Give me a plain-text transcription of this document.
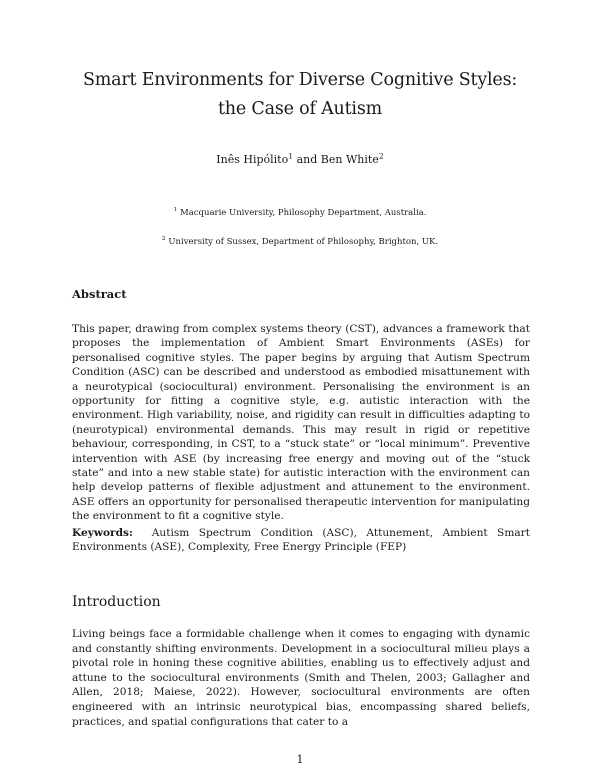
Smart Environments for Diverse Cognitive Styles:
the Case of Autism
Inês Hipólito$^1$ and Ben White$^2$
$^1$ Macquarie University, Philosophy Department, Australia.
$^2$ University of Sussex, Department of Philosophy, Brighton, UK.
Abstract

This paper, drawing from complex systems theory (CST), advances a framework that proposes the implementation of Ambient Smart Environments (ASEs) for personalised cognitive styles. The paper begins by arguing that Autism Spectrum Condition (ASC) can be described and understood as embodied misattunement with a neurotypical (sociocultural) environment. Personalising the environment is an opportunity for fitting a cognitive style, e.g. autistic interaction with the environment. High variability, noise, and rigidity can result in difficulties adapting to (neurotypical) environmental demands. This may result in rigid or repetitive behaviour, corresponding, in CST, to a “stuck state” or “local minimum”. Preventive intervention with ASE (by increasing free energy and moving out of the “stuck state” and into a new stable state) for autistic interaction with the environment can help develop patterns of flexible adjustment and attunement to the environment. ASE offers an opportunity for personalised therapeutic intervention for manipulating the environment to fit a cognitive style.

Keywords: Autism Spectrum Condition (ASC), Attunement, Ambient Smart Environments (ASE), Complexity, Free Energy Principle (FEP)

Introduction

Living beings face a formidable challenge when it comes to engaging with dynamic and constantly shifting environments. Development in a sociocultural milieu plays a pivotal role in honing these cognitive abilities, enabling us to effectively adjust and attune to the sociocultural environments (Smith and Thelen, 2003; Gallagher and Allen, 2018; Maiese, 2022). However, sociocultural environments are often engineered with an intrinsic neurotypical bias, encompassing shared beliefs, practices, and spatial configurations that cater to a

1
